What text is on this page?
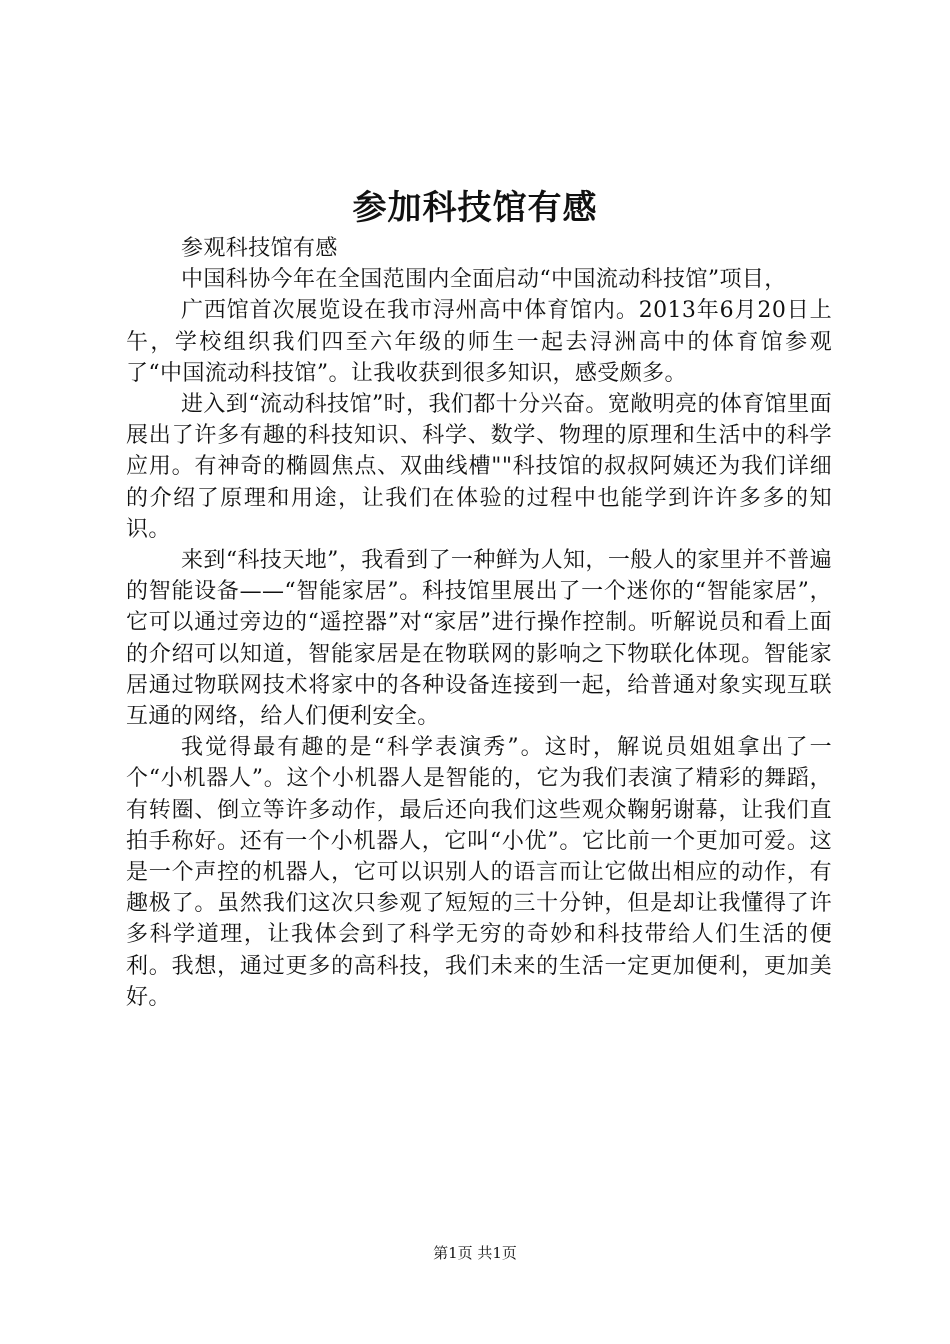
参加科技馆有感

参观科技馆有感

中国科协今年在全国范围内全面启动“中国流动科技馆”项目，

广西馆首次展览设在我市浔州高中体育馆内。2013年6月20日上午，学校组织我们四至六年级的师生一起去浔洲高中的体育馆参观了“中国流动科技馆”。让我收获到很多知识，感受颇多。

进入到“流动科技馆”时，我们都十分兴奋。宽敞明亮的体育馆里面展出了许多有趣的科技知识、科学、数学、物理的原理和生活中的科学应用。有神奇的椭圆焦点、双曲线槽""科技馆的叔叔阿姨还为我们详细的介绍了原理和用途，让我们在体验的过程中也能学到许许多多的知识。

来到“科技天地”，我看到了一种鲜为人知，一般人的家里并不普遍的智能设备——“智能家居”。科技馆里展出了一个迷你的“智能家居”，它可以通过旁边的“遥控器”对“家居”进行操作控制。听解说员和看上面的介绍可以知道，智能家居是在物联网的影响之下物联化体现。智能家居通过物联网技术将家中的各种设备连接到一起，给普通对象实现互联互通的网络，给人们便利安全。

我觉得最有趣的是“科学表演秀”。这时，解说员姐姐拿出了一个“小机器人”。这个小机器人是智能的，它为我们表演了精彩的舞蹈，有转圈、倒立等许多动作，最后还向我们这些观众鞠躬谢幕，让我们直拍手称好。还有一个小机器人，它叫“小优”。它比前一个更加可爱。这是一个声控的机器人，它可以识别人的语言而让它做出相应的动作，有趣极了。虽然我们这次只参观了短短的三十分钟，但是却让我懂得了许多科学道理，让我体会到了科学无穷的奇妙和科技带给人们生活的便利。我想，通过更多的高科技，我们未来的生活一定更加便利，更加美好。

第1页 共1页
